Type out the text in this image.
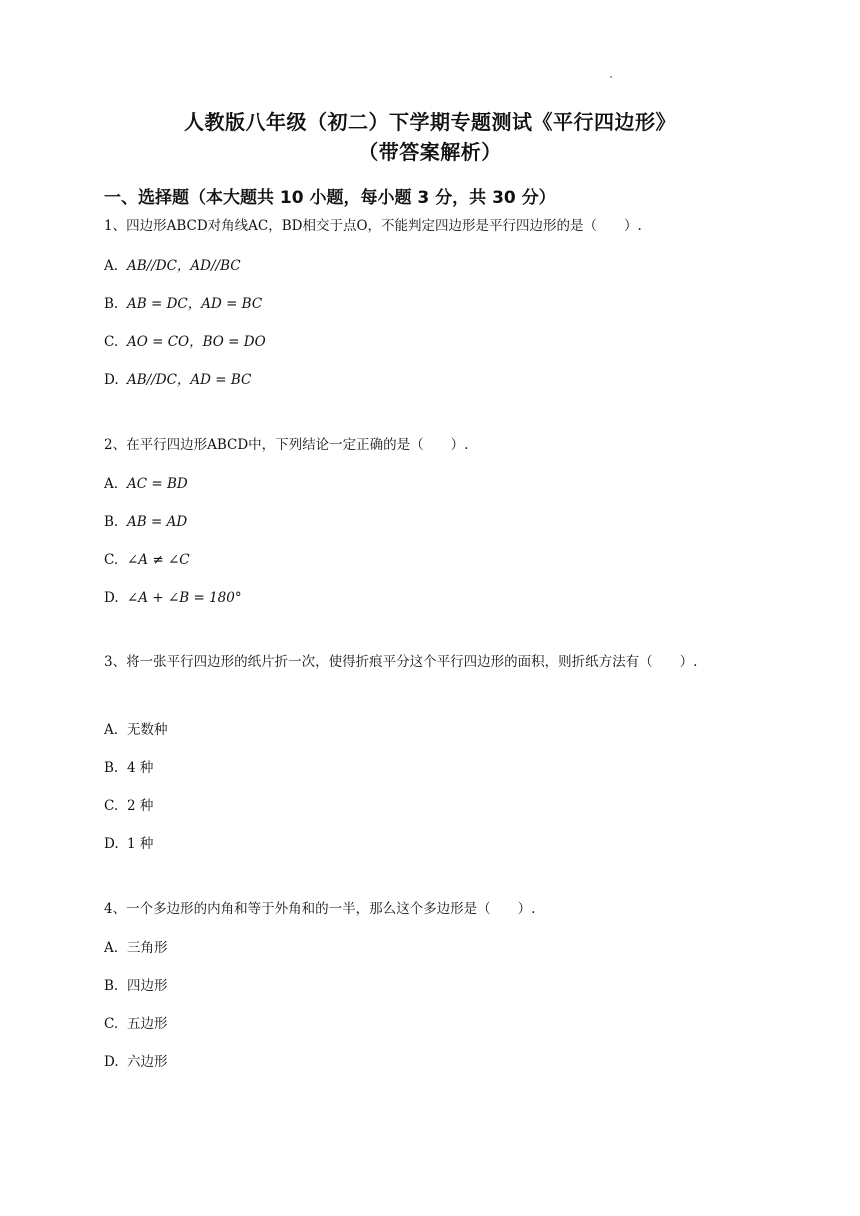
人教版八年级（初二）下学期专题测试《平行四边形》
（带答案解析）
一、选择题（本大题共 10 小题，每小题 3 分，共 30 分）
1、四边形ABCD对角线AC，BD相交于点O，不能判定四边形是平行四边形的是（　　）.
A. AB//DC，AD//BC
B. AB = DC，AD = BC
C. AO = CO，BO = DO
D. AB//DC，AD = BC
2、在平行四边形ABCD中，下列结论一定正确的是（　　）.
A. AC = BD
B. AB = AD
C. ∠A ≠ ∠C
D. ∠A + ∠B = 180°
3、将一张平行四边形的纸片折一次，使得折痕平分这个平行四边形的面积，则折纸方法有（　　）.
A. 无数种
B. 4 种
C. 2 种
D. 1 种
4、一个多边形的内角和等于外角和的一半，那么这个多边形是（　　）.
A. 三角形
B. 四边形
C. 五边形
D. 六边形
